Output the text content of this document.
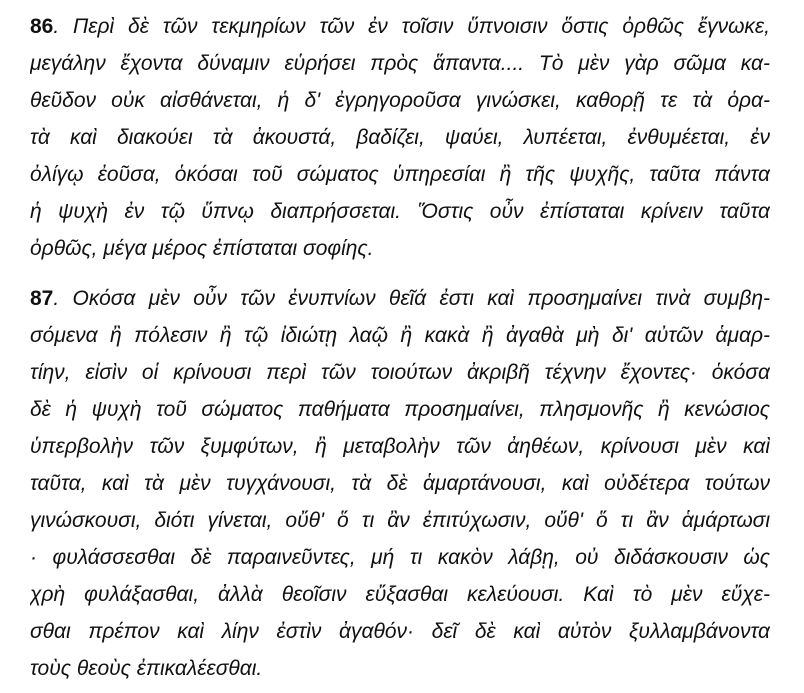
86. Περὶ δὲ τῶν τεκμηρίων τῶν ἐν τοῖσιν ὕπνοισιν ὅστις ὀρθῶς ἔγνωκε,
μεγάλην ἔχοντα δύναμιν εὑρήσει πρὸς ἅπαντα.... Τὸ μὲν γὰρ σῶμα κα-
θεῦδον οὐκ αἰσθάνεται, ἡ δ' ἐγρηγοροῦσα γινώσκει, καθορῇ τε τὰ ὁρα-
τὰ καὶ διακούει τὰ ἀκουστά, βαδίζει, ψαύει, λυπέεται, ἐνθυμέεται, ἐν
ὀλίγῳ ἐοῦσα, ὁκόσαι τοῦ σώματος ὑπηρεσίαι ἢ τῆς ψυχῆς, ταῦτα πάντα
ἡ ψυχὴ ἐν τῷ ὕπνῳ διαπρήσσεται. Ὅστις οὖν ἐπίσταται κρίνειν ταῦτα
ὀρθῶς, μέγα μέρος ἐπίσταται σοφίης.
87. Οκόσα μὲν οὖν τῶν ἐνυπνίων θεῖά ἐστι καὶ προσημαίνει τινὰ συμβη-
σόμενα ἢ πόλεσιν ἢ τῷ ἰδιώτῃ λαῷ ἢ κακὰ ἢ ἀγαθὰ μὴ δι' αὐτῶν ἁμαρ-
τίην, εἰσὶν οἱ κρίνουσι περὶ τῶν τοιούτων ἀκριβῆ τέχνην ἔχοντες· ὁκόσα
δὲ ἡ ψυχὴ τοῦ σώματος παθήματα προσημαίνει, πλησμονῆς ἢ κενώσιος
ὑπερβολὴν τῶν ξυμφύτων, ἢ μεταβολὴν τῶν ἀηθέων, κρίνουσι μὲν καὶ
ταῦτα, καὶ τὰ μὲν τυγχάνουσι, τὰ δὲ ἁμαρτάνουσι, καὶ οὐδέτερα τούτων
γινώσκουσι, διότι γίνεται, οὔθ' ὅ τι ἂν ἐπιτύχωσιν, οὔθ' ὅ τι ἂν ἁμάρτωσι
· φυλάσσεσθαι δὲ παραινεῦντες, μή τι κακὸν λάβῃ, οὐ διδάσκουσιν ὡς
χρὴ φυλάξασθαι, ἀλλὰ θεοῖσιν εὔξασθαι κελεύουσι. Καὶ τὸ μὲν εὔχε-
σθαι πρέπον καὶ λίην ἐστὶν ἀγαθόν· δεῖ δὲ καὶ αὐτὸν ξυλλαμβάνοντα
τοὺς θεοὺς ἐπικαλέεσθαι.
